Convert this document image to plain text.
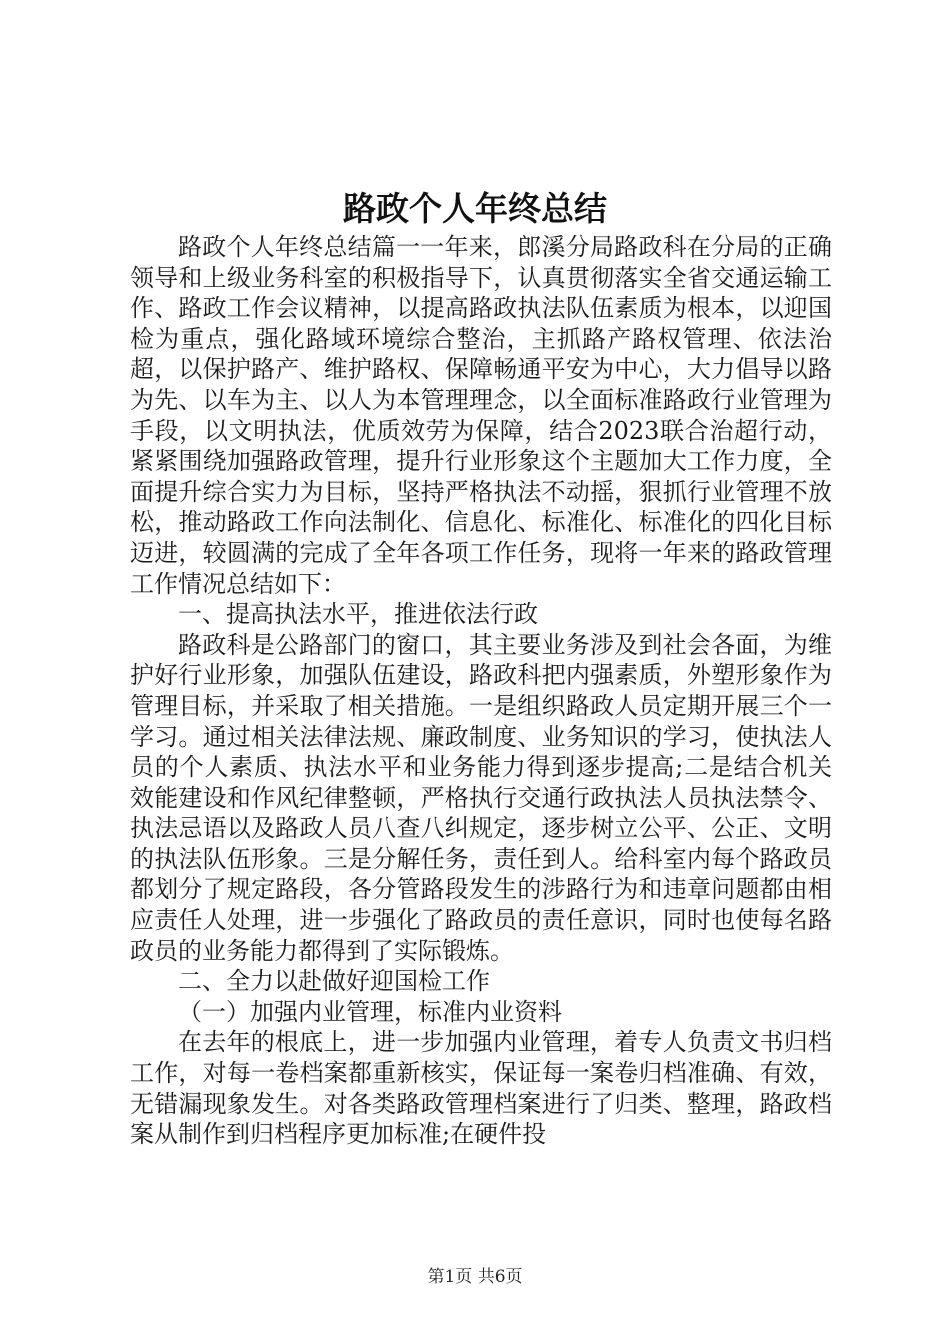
路政个人年终总结

路政个人年终总结篇一一年来，郎溪分局路政科在分局的正确领导和上级业务科室的积极指导下，认真贯彻落实全省交通运输工作、路政工作会议精神，以提高路政执法队伍素质为根本，以迎国检为重点，强化路域环境综合整治，主抓路产路权管理、依法治超，以保护路产、维护路权、保障畅通平安为中心，大力倡导以路为先、以车为主、以人为本管理理念，以全面标准路政行业管理为手段，以文明执法，优质效劳为保障，结合2023联合治超行动，紧紧围绕加强路政管理，提升行业形象这个主题加大工作力度，全面提升综合实力为目标，坚持严格执法不动摇，狠抓行业管理不放松，推动路政工作向法制化、信息化、标准化、标准化的四化目标迈进，较圆满的完成了全年各项工作任务，现将一年来的路政管理工作情况总结如下：

一、提高执法水平，推进依法行政

路政科是公路部门的窗口，其主要业务涉及到社会各面，为维护好行业形象，加强队伍建设，路政科把内强素质，外塑形象作为管理目标，并采取了相关措施。一是组织路政人员定期开展三个一学习。通过相关法律法规、廉政制度、业务知识的学习，使执法人员的个人素质、执法水平和业务能力得到逐步提高;二是结合机关效能建设和作风纪律整顿，严格执行交通行政执法人员执法禁令、执法忌语以及路政人员八查八纠规定，逐步树立公平、公正、文明的执法队伍形象。三是分解任务，责任到人。给科室内每个路政员都划分了规定路段，各分管路段发生的涉路行为和违章问题都由相应责任人处理，进一步强化了路政员的责任意识，同时也使每名路政员的业务能力都得到了实际锻炼。

二、全力以赴做好迎国检工作

（一）加强内业管理，标准内业资料

在去年的根底上，进一步加强内业管理，着专人负责文书归档工作，对每一卷档案都重新核实，保证每一案卷归档准确、有效，无错漏现象发生。对各类路政管理档案进行了归类、整理，路政档案从制作到归档程序更加标准;在硬件投

第1页 共6页
